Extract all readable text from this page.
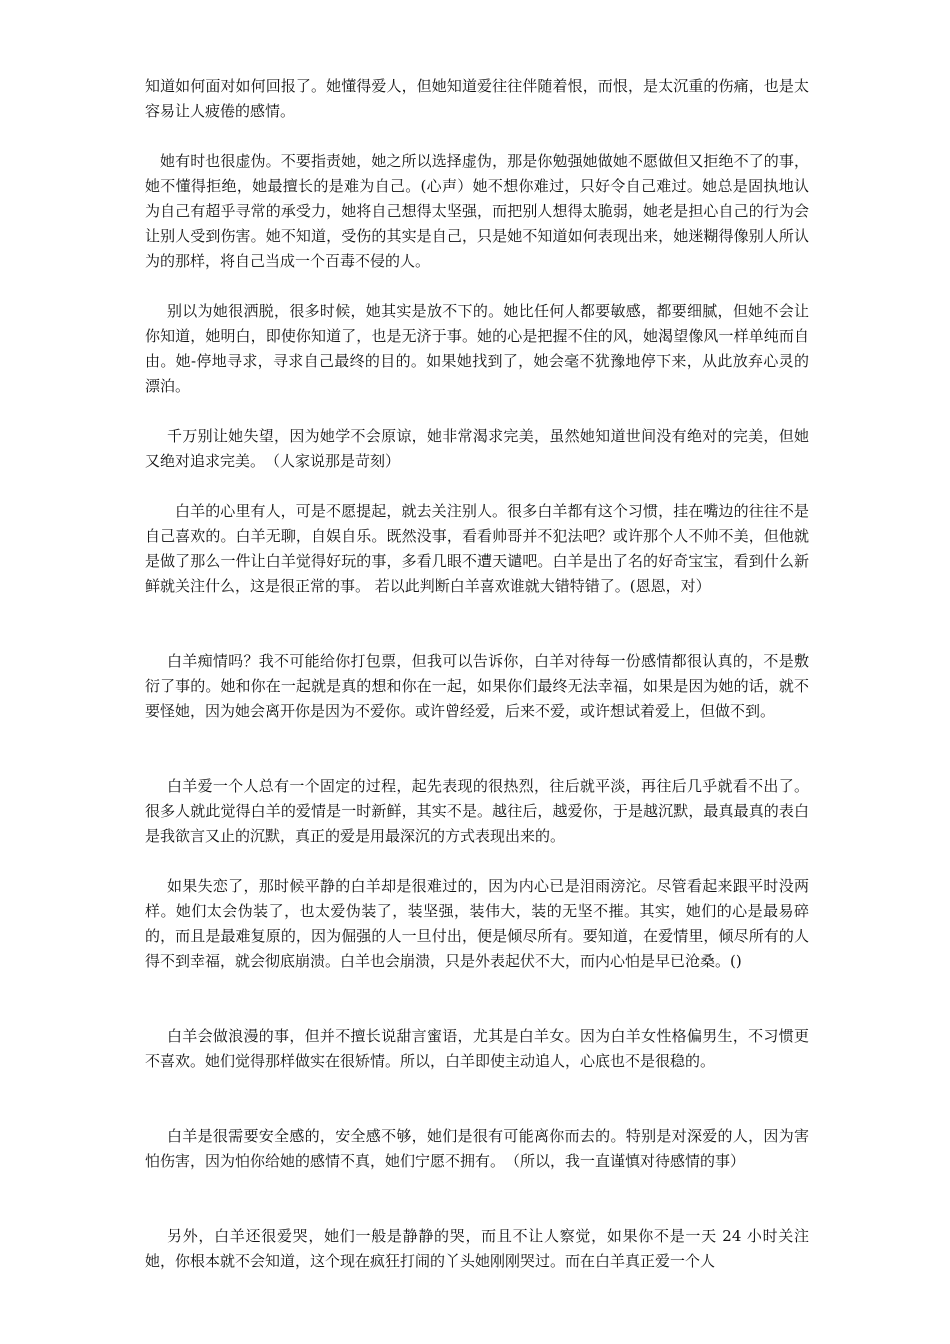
知道如何面对如何回报了。她懂得爱人，但她知道爱往往伴随着恨，而恨，是太沉重的伤痛，也是太容易让人疲倦的感情。

她有时也很虚伪。不要指责她，她之所以选择虚伪，那是你勉强她做她不愿做但又拒绝不了的事，她不懂得拒绝，她最擅长的是难为自己。(心声）她不想你难过，只好令自己难过。她总是固执地认为自己有超乎寻常的承受力，她将自己想得太坚强，而把别人想得太脆弱，她老是担心自己的行为会让别人受到伤害。她不知道，受伤的其实是自己，只是她不知道如何表现出来，她迷糊得像别人所认为的那样，将自己当成一个百毒不侵的人。

别以为她很洒脱，很多时候，她其实是放不下的。她比任何人都要敏感，都要细腻，但她不会让你知道，她明白，即使你知道了，也是无济于事。她的心是把握不住的风，她渴望像风一样单纯而自由。她-停地寻求，寻求自己最终的目的。如果她找到了，她会毫不犹豫地停下来，从此放弃心灵的漂泊。

千万别让她失望，因为她学不会原谅，她非常渴求完美，虽然她知道世间没有绝对的完美，但她又绝对追求完美。　（人家说那是苛刻）

白羊的心里有人，可是不愿提起，就去关注别人。很多白羊都有这个习惯，挂在嘴边的往往不是自己喜欢的。白羊无聊，自娱自乐。既然没事，看看帅哥并不犯法吧？或许那个人不帅不美，但他就是做了那么一件让白羊觉得好玩的事，多看几眼不遭天谴吧。白羊是出了名的好奇宝宝，看到什么新鲜就关注什么，这是很正常的事。 若以此判断白羊喜欢谁就大错特错了。(恩恩，对）

白羊痴情吗？我不可能给你打包票，但我可以告诉你，白羊对待每一份感情都很认真的，不是敷衍了事的。她和你在一起就是真的想和你在一起，如果你们最终无法幸福，如果是因为她的话，就不要怪她，因为她会离开你是因为不爱你。或许曾经爱，后来不爱，或许想试着爱上，但做不到。

白羊爱一个人总有一个固定的过程，起先表现的很热烈，往后就平淡，再往后几乎就看不出了。很多人就此觉得白羊的爱情是一时新鲜，其实不是。越往后，越爱你，于是越沉默，最真最真的表白是我欲言又止的沉默，真正的爱是用最深沉的方式表现出来的。

如果失恋了，那时候平静的白羊却是很难过的，因为内心已是泪雨滂沱。尽管看起来跟平时没两样。她们太会伪装了，也太爱伪装了，装坚强，装伟大，装的无坚不摧。其实，她们的心是最易碎的，而且是最难复原的，因为倔强的人一旦付出，便是倾尽所有。要知道，在爱情里，倾尽所有的人得不到幸福，就会彻底崩溃。白羊也会崩溃，只是外表起伏不大，而内心怕是早已沧桑。()

白羊会做浪漫的事，但并不擅长说甜言蜜语，尤其是白羊女。因为白羊女性格偏男生，不习惯更不喜欢。她们觉得那样做实在很矫情。所以，白羊即使主动追人，心底也不是很稳的。

白羊是很需要安全感的，安全感不够，她们是很有可能离你而去的。特别是对深爱的人，因为害怕伤害，因为怕你给她的感情不真，她们宁愿不拥有。　（所以，我一直谨慎对待感情的事）

另外，白羊还很爱哭，她们一般是静静的哭，而且不让人察觉，如果你不是一天 24 小时关注她，你根本就不会知道，这个现在疯狂打闹的丫头她刚刚哭过。而在白羊真正爱一个人
